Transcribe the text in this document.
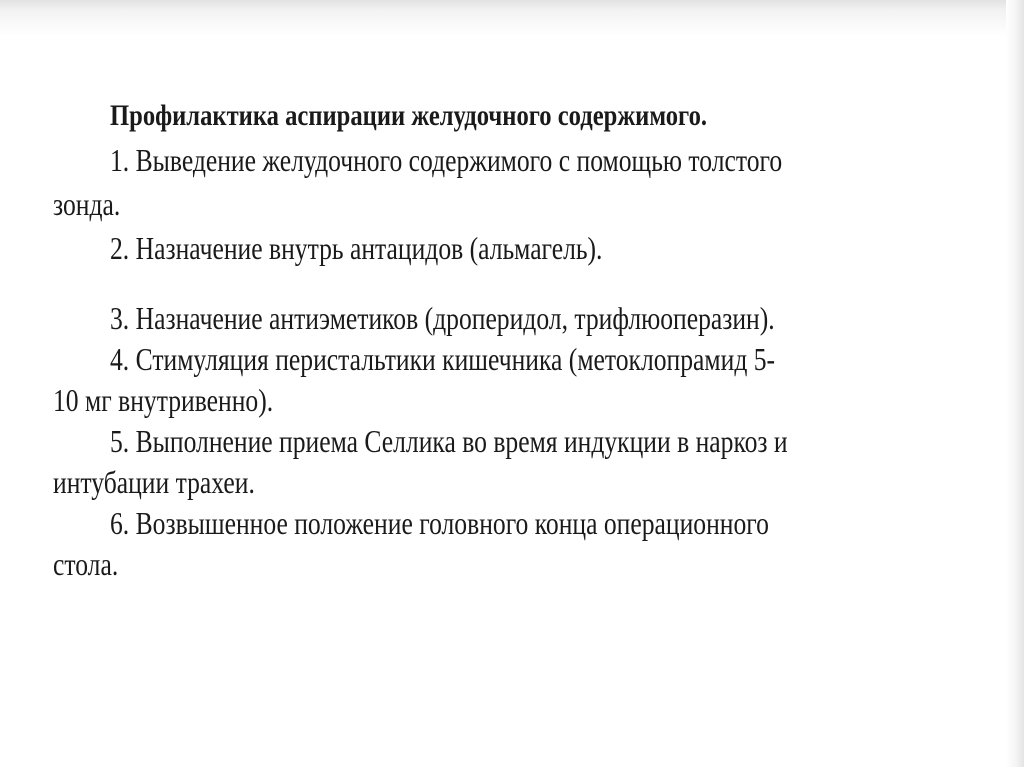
Профилактика аспирации желудочного содержимого.
1. Выведение желудочного содержимого с помощью толстого
зонда.
2. Назначение внутрь антацидов (альмагель).
3. Назначение антиэметиков (дроперидол, трифлюоперазин).
4. Стимуляция перистальтики кишечника (метоклопрамид 5-
10 мг внутривенно).
5. Выполнение приема Селлика во время индукции в наркоз и
интубации трахеи.
6. Возвышенное положение головного конца операционного
стола.
